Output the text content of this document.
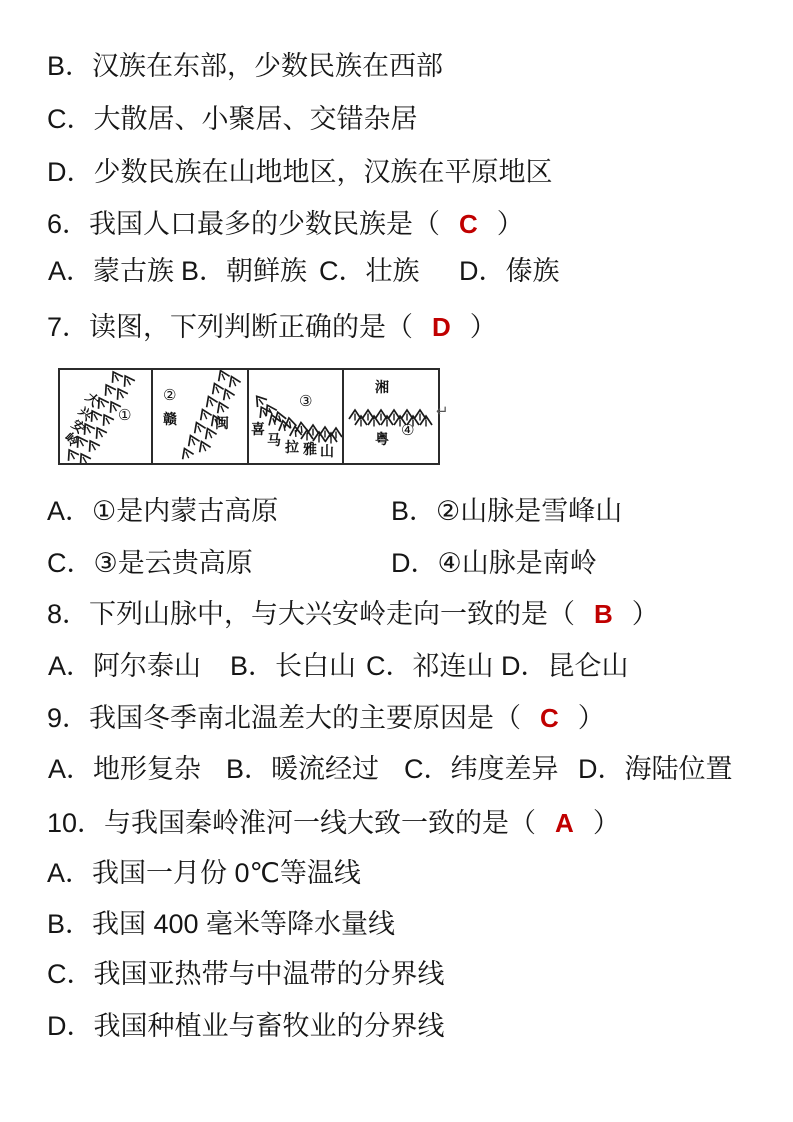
B．汉族在东部，少数民族在西部
C．大散居、小聚居、交错杂居
D．少数民族在山地地区，汉族在平原地区
6．我国人口最多的少数民族是（ C ）
A．蒙古族 B．朝鲜族 C．壮族 D．傣族
7．读图，下列判断正确的是（ D ）
大
兴
安
岭
①
②
赣	闽
③
喜
马 拉 雅 山
湘
④
粤
↵
A．①是内蒙古高原	B．②山脉是雪峰山
C．③是云贵高原	D．④山脉是南岭
8．下列山脉中，与大兴安岭走向一致的是（ B ）
A．阿尔泰山 B．长白山 C．祁连山 D．昆仑山
9．我国冬季南北温差大的主要原因是（ C ）
A．地形复杂 B．暖流经过 C．纬度差异 D．海陆位置
10．与我国秦岭淮河一线大致一致的是（ A ）
A．我国一月份 0℃等温线
B．我国 400 毫米等降水量线
C．我国亚热带与中温带的分界线
D．我国种植业与畜牧业的分界线
